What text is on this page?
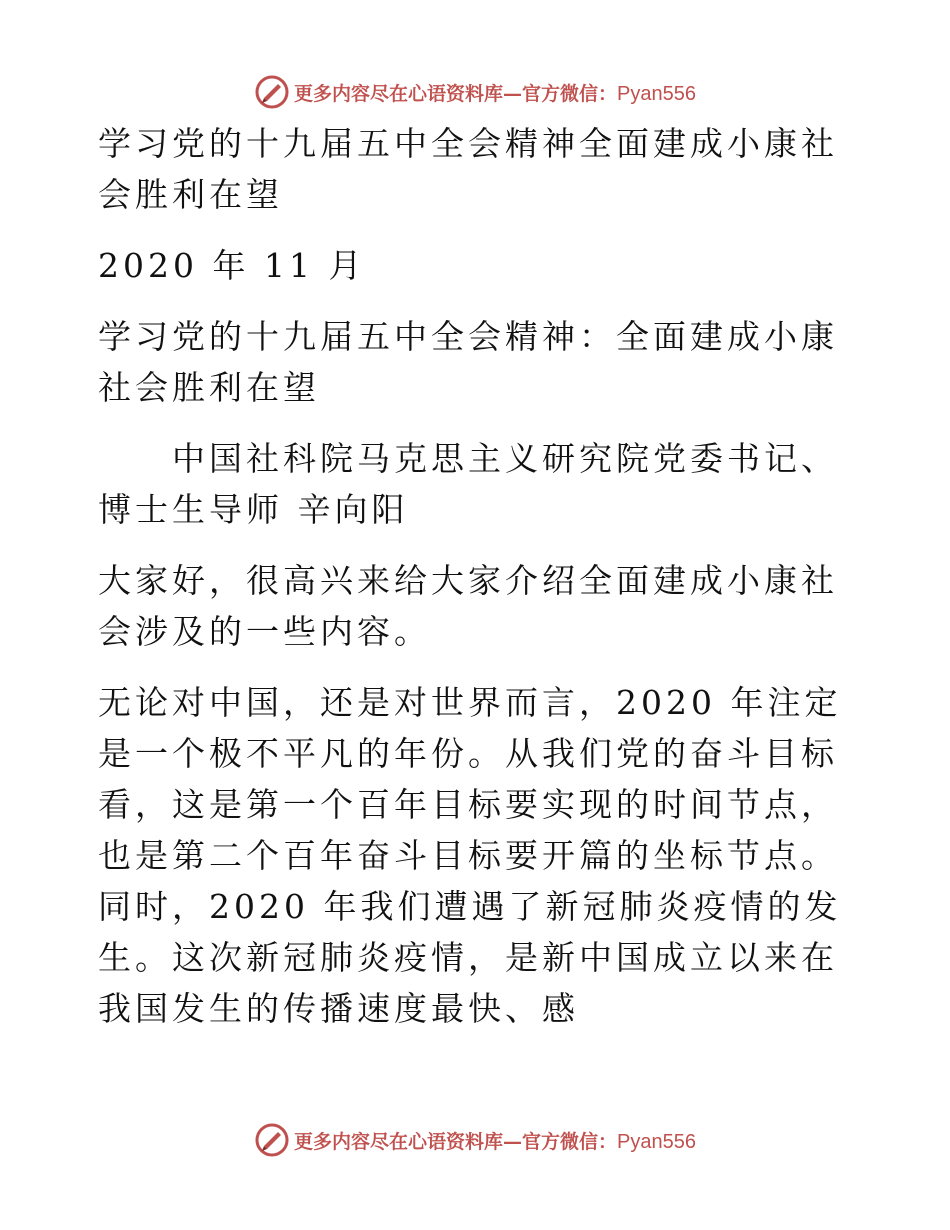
更多内容尽在心语资料库—官方微信：Pyan556

学习党的十九届五中全会精神全面建成小康社会胜利在望

2020 年 11 月

学习党的十九届五中全会精神：全面建成小康社会胜利在望

　　中国社科院马克思主义研究院党委书记、博士生导师 辛向阳

大家好，很高兴来给大家介绍全面建成小康社会涉及的一些内容。

无论对中国，还是对世界而言，2020 年注定是一个极不平凡的年份。从我们党的奋斗目标看，这是第一个百年目标要实现的时间节点，也是第二个百年奋斗目标要开篇的坐标节点。同时，2020 年我们遭遇了新冠肺炎疫情的发生。这次新冠肺炎疫情，是新中国成立以来在我国发生的传播速度最快、感

更多内容尽在心语资料库—官方微信：Pyan556
